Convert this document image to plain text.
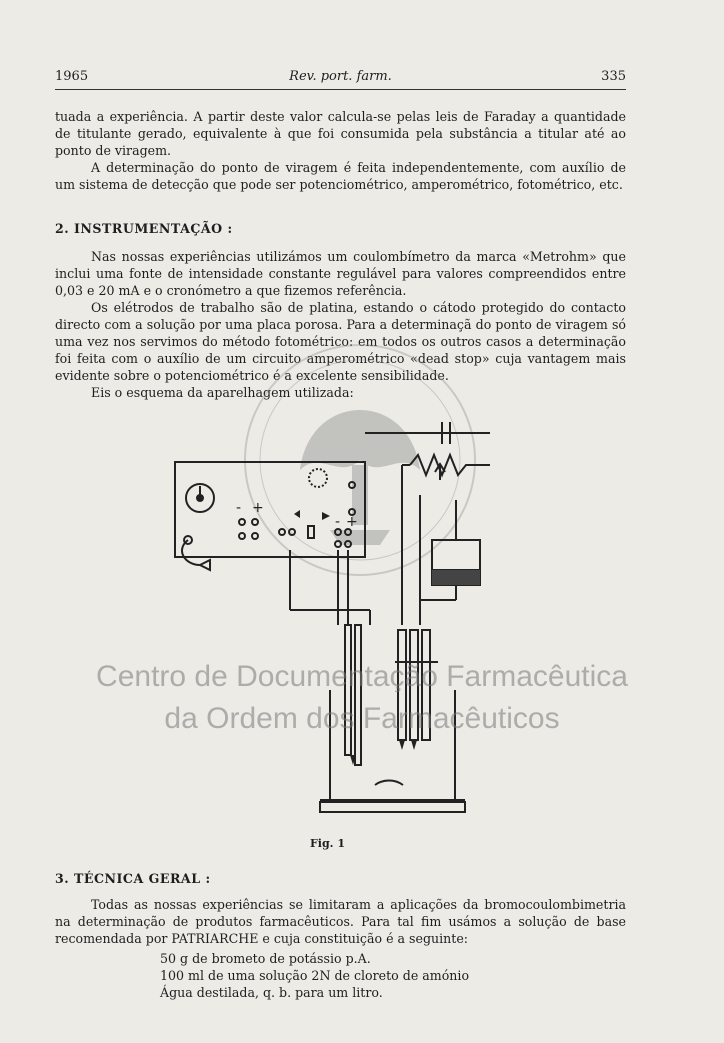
1965	Rev. port. farm.	335

tuada a experiência. A partir deste valor calcula-se pelas leis de Faraday a quantidade de titulante gerado, equivalente à que foi consumida pela substância a titular até ao ponto de viragem.

A determinação do ponto de viragem é feita independentemente, com auxílio de um sistema de detecção que pode ser potenciométrico, amperométrico, fotométrico, etc.

2. INSTRUMENTAÇÃO :

Nas nossas experiências utilizámos um coulombímetro da marca «Metrohm» que inclui uma fonte de intensidade constante regulável para valores compreendidos entre 0,03 e 20 mA e o cronómetro a que fizemos referência.

Os elétrodos de trabalho são de platina, estando o cátodo protegido do contacto directo com a solução por uma placa porosa. Para a determinaçã do ponto de viragem só uma vez nos servimos do método fotométrico: em todos os outros casos a determinação foi feita com o auxílio de um circuito amperométrico «dead stop» cuja vantagem mais evidente sobre o potenciométrico é a excelente sensibilidade.

Eis o esquema da aparelhagem utilizada:

- +
- +
Centro de Documentação Farmacêutica
da Ordem dos Farmacêuticos
Fig. 1
3. TÉCNICA GERAL :

Todas as nossas experiências se limitaram a aplicações da bromocoulombimetria na determinação de produtos farmacêuticos. Para tal fim usámos a solução de base recomendada por PATRIARCHE e cuja constituição é a seguinte:

50 g de brometo de potássio p.A.
100 ml de uma solução 2N de cloreto de amónio
Água destilada, q. b. para um litro.
